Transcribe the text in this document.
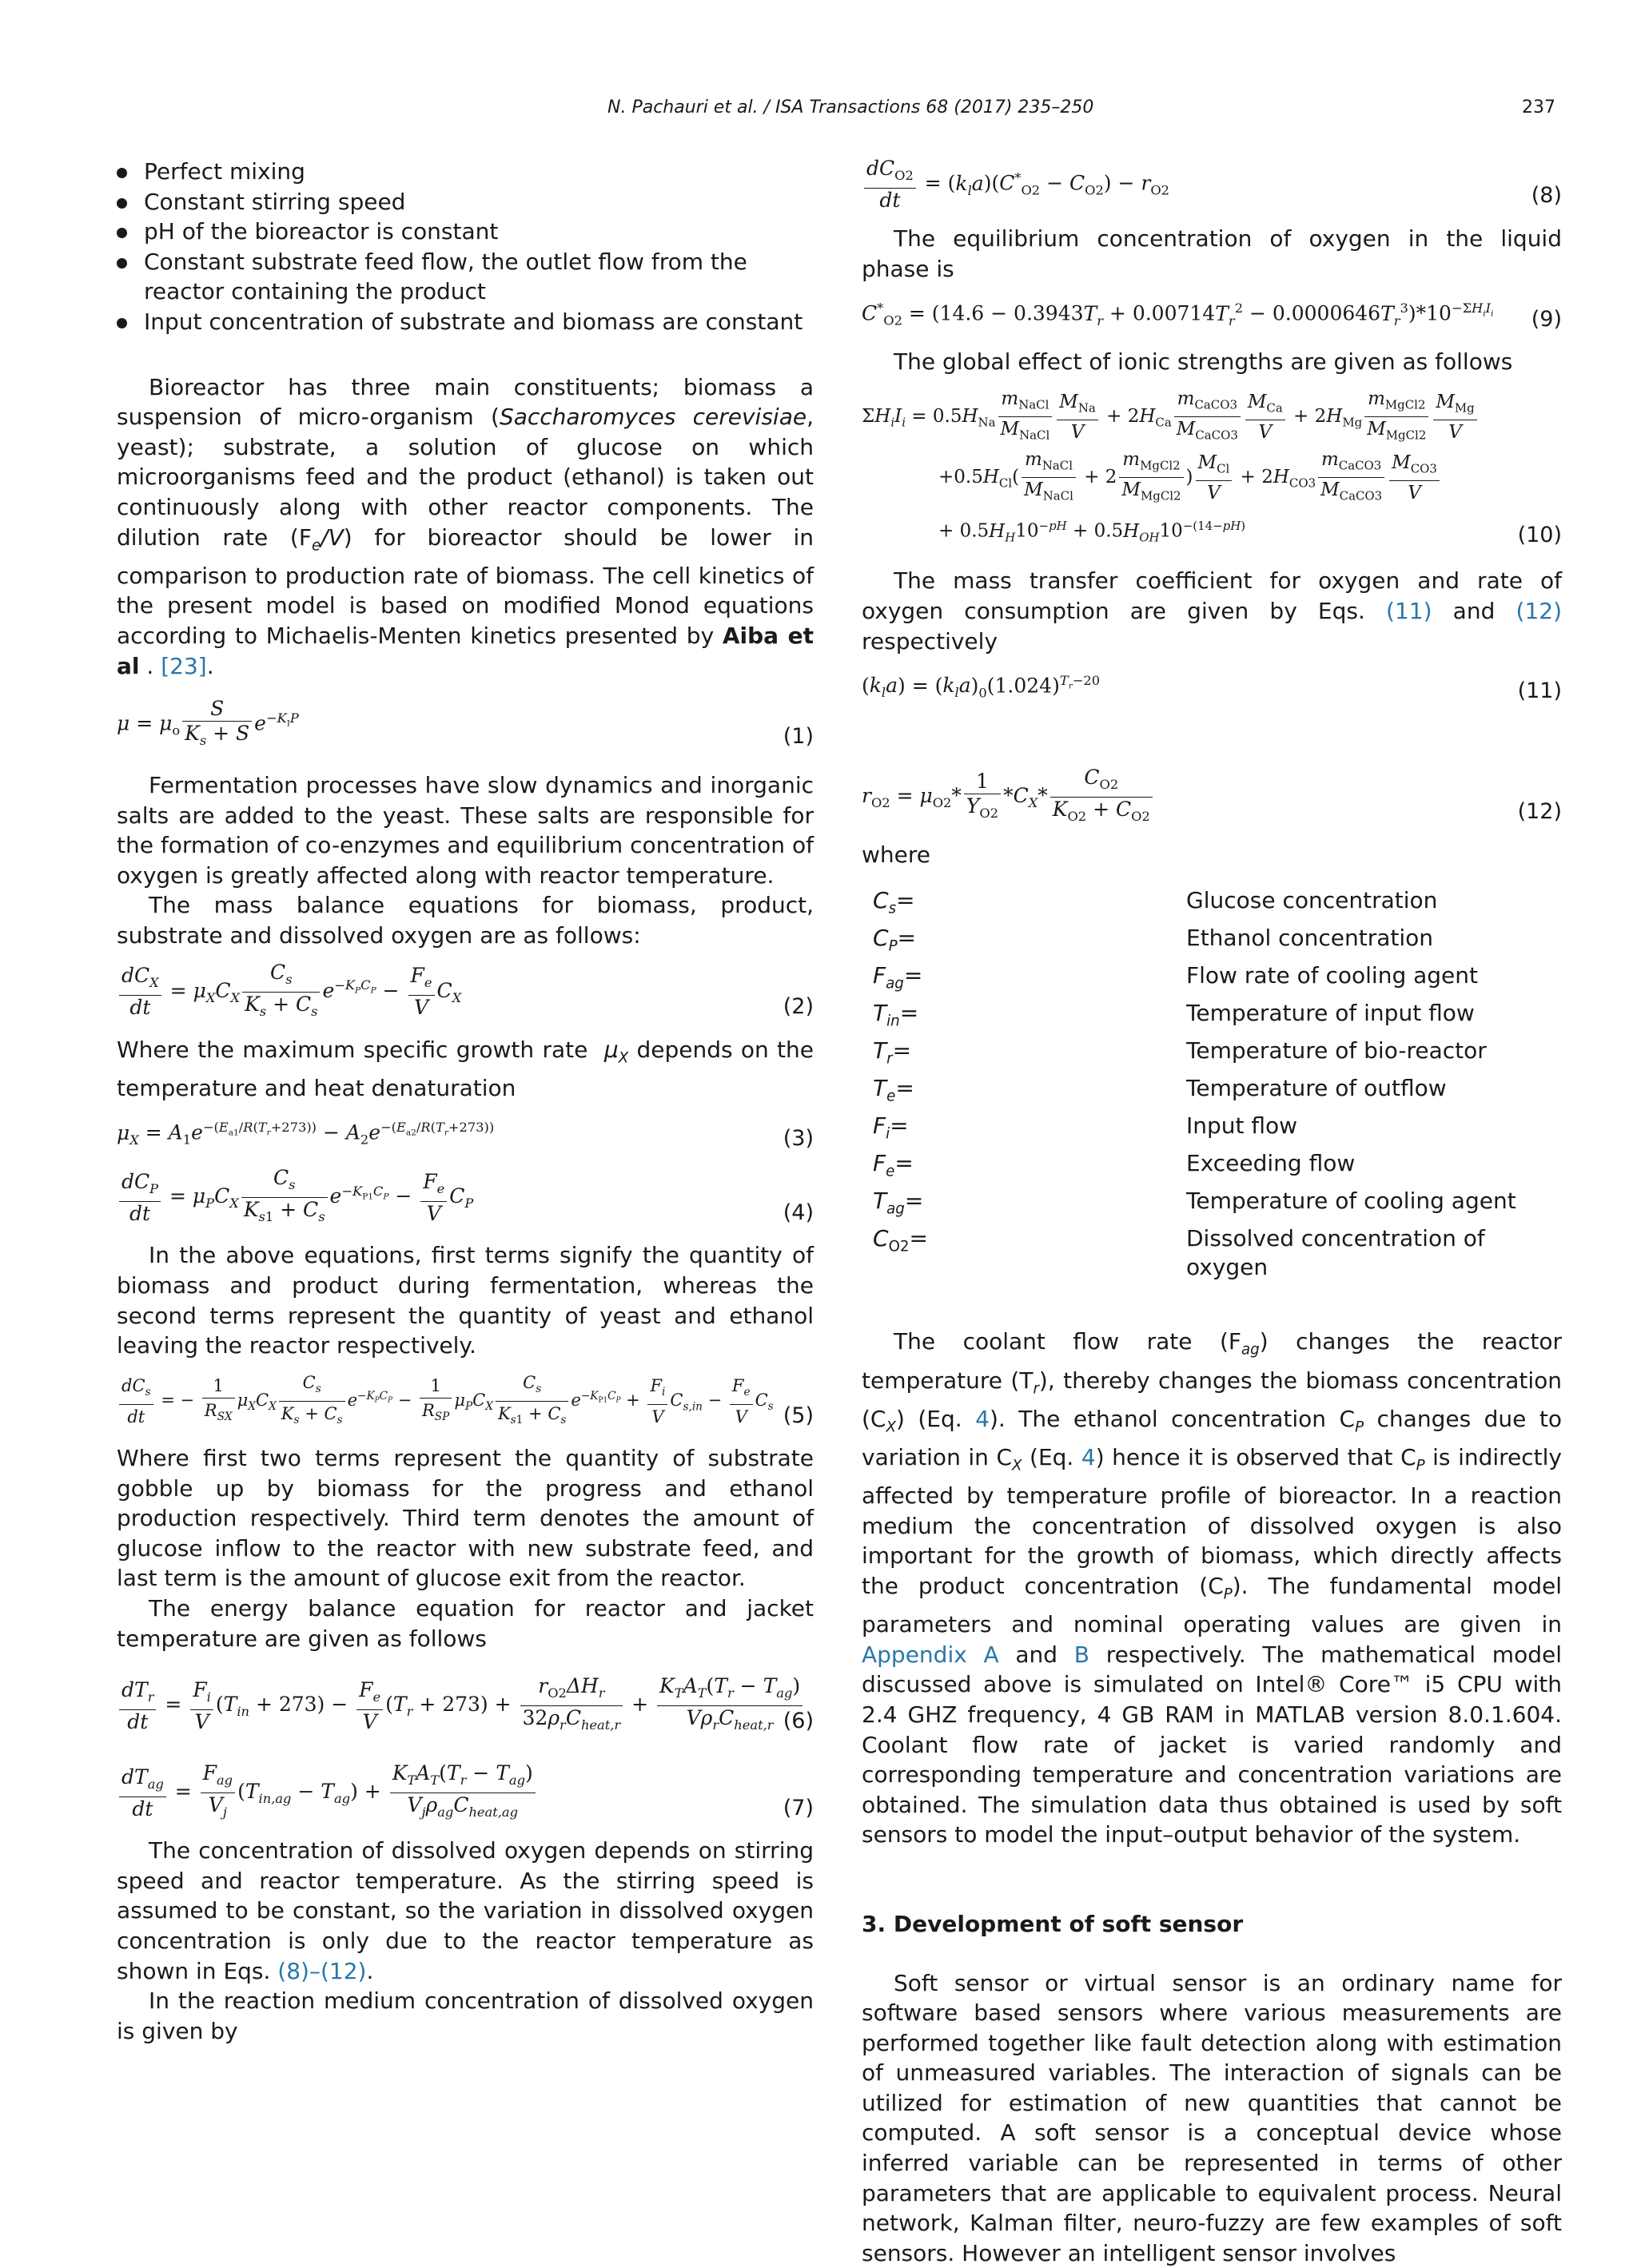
N. Pachauri et al. / ISA Transactions 68 (2017) 235–250	237
Perfect mixing
Constant stirring speed
pH of the bioreactor is constant
Constant substrate feed flow, the outlet flow from the reactor containing the product
Input concentration of substrate and biomass are constant

Bioreactor has three main constituents; biomass a suspension of micro-organism (Saccharomyces cerevisiae, yeast); substrate, a solution of glucose on which microorganisms feed and the product (ethanol) is taken out continuously along with other reactor components. The dilution rate $(F_e/V)$ for bioreactor should be lower in comparison to production rate of biomass. The cell kinetics of the present model is based on modified Monod equations according to Michaelis-Menten kinetics presented by Aiba et al . [23].

$\mu = \mu_o \frac{S}{K_s + S} e^{-K_IP}$
(1)

Fermentation processes have slow dynamics and inorganic salts are added to the yeast. These salts are responsible for the formation of co-enzymes and equilibrium concentration of oxygen is greatly affected along with reactor temperature.

The mass balance equations for biomass, product, substrate and dissolved oxygen are as follows:

$\frac{dC_X}{dt} = \mu_XC_X \frac{C_s}{K_s + C_s} e^{-K_PC_P} - \frac{F_e}{V} C_X$	(2)

Where the maximum specific growth rate $\mu_X$ depends on the temperature and heat denaturation

$\mu_X = A_1e^{-(E_{a1}/R(T_r+273))} - A_2e^{-(E_{a2}/R(T_r+273))}$	(3)
$\frac{dC_P}{dt} = \mu_PC_X \frac{C_s}{K_{s1} + C_s} e^{-K_{P1}C_P} - \frac{F_e}{V} C_P$	(4)

In the above equations, first terms signify the quantity of biomass and product during fermentation, whereas the second terms represent the quantity of yeast and ethanol leaving the reactor respectively.

$\frac{dC_s}{dt}$ = − $\frac{1}{R_{SX}} \mu_XC_X \frac{C_s}{K_s + C_s} e^{-K_PC_P} - \frac{1}{R_{SP}} \mu_PC_X \frac{C_s}{K_{s1} + C_s} e^{-K_{P1}C_P} + \frac{F_i}{V} C_{s,in} - \frac{F_e}{V} C_s$ (5)

Where first two terms represent the quantity of substrate gobble up by biomass for the progress and ethanol production respectively. Third term denotes the amount of glucose inflow to the reactor with new substrate feed, and last term is the amount of glucose exit from the reactor.

The energy balance equation for reactor and jacket temperature are given as follows

$\frac{dT_r}{dt} = \frac{F_i}{V} (T_{in} + 273) - \frac{F_e}{V} (T_r + 273) + \frac{r_{O2}\Delta H_r}{32\rho_rC_{heat,r}} + \frac{K_TA_T(T_r - T_{ag})}{V\rho_rC_{heat,r}}$
(6)
$\frac{dT_{ag}}{dt} = \frac{F_{ag}}{V_j} (T_{in,ag} - T_{ag}) + \frac{K_TA_T(T_r - T_{ag})}{V_j\rho_{ag}C_{heat,ag}}$	(7)

The concentration of dissolved oxygen depends on stirring speed and reactor temperature. As the stirring speed is assumed to be constant, so the variation in dissolved oxygen concentration is only due to the reactor temperature as shown in Eqs. (8)–(12).

In the reaction medium concentration of dissolved oxygen is given by

$\frac{dC_{O2}}{dt} = (k_la)(C^*_{O2} - C_{O2}) - r_{O2}$	(8)

The equilibrium concentration of oxygen in the liquid phase is

$C^*_{O2} = (14.6 - 0.3943T_r + 0.00714T_r^2 - 0.0000646T_r^3)*10^{-\Sigma H_iI_i}$ (9)

The global effect of ionic strengths are given as follows

$\Sigma H_iI_i = 0.5H_{Na} \frac{m_{NaCl}}{M_{NaCl}} \frac{M_{Na}}{V} + 2H_{Ca} \frac{m_{CaCO3}}{M_{CaCO3}} \frac{M_{Ca}}{V} + 2H_{Mg} \frac{m_{MgCl2}}{M_{MgCl2}} \frac{M_{Mg}}{V}$
$+0.5H_{Cl}( \frac{m_{NaCl}}{M_{NaCl}} + 2 \frac{m_{MgCl2}}{M_{MgCl2}}$ ) $\frac{M_{Cl}}{V} + 2H_{CO3} \frac{m_{CaCO3}}{M_{CaCO3}} \frac{M_{CO3}}{V}$
+ $0.5H_H10^{-pH} + 0.5H_{OH}10^{-(14-pH)}$	(10)

The mass transfer coefficient for oxygen and rate of oxygen consumption are given by Eqs. (11) and (12) respectively

$(k_la) = (k_la)_0(1.024)^{T_r-20}$	(11)
$r_{O2} = \mu_{O2}* \frac{1}{Y_{O2}} *C_X* \frac{C_{O2}}{K_{O2} + C_{O2}}$	(12)

where

$C_s=$	Glucose concentration
$C_P=$	Ethanol concentration
$F_{ag}=$	Flow rate of cooling agent
$T_{in}=$	Temperature of input flow
$T_r=$	Temperature of bio-reactor
$T_e=$	Temperature of outflow
$F_i=$	Input flow
$F_e=$	Exceeding flow
$T_{ag}=$	Temperature of cooling agent
$C_{O2}=$	Dissolved concentration of oxygen

The coolant flow rate $(F_{ag})$ changes the reactor temperature $(T_r)$, thereby changes the biomass concentration $(C_X)$ (Eq. 4). The ethanol concentration $C_P$ changes due to variation in $C_X$ (Eq. 4) hence it is observed that $C_P$ is indirectly affected by temperature profile of bioreactor. In a reaction medium the concentration of dissolved oxygen is also important for the growth of biomass, which directly affects the product concentration $(C_P)$. The fundamental model parameters and nominal operating values are given in Appendix A and B respectively. The mathematical model discussed above is simulated on Intel® Core™ i5 CPU with 2.4 GHZ frequency, 4 GB RAM in MATLAB version 8.0.1.604. Coolant flow rate of jacket is varied randomly and corresponding temperature and concentration variations are obtained. The simulation data thus obtained is used by soft sensors to model the input–output behavior of the system.

3. Development of soft sensor

Soft sensor or virtual sensor is an ordinary name for software based sensors where various measurements are performed together like fault detection along with estimation of unmeasured variables. The interaction of signals can be utilized for estimation of new quantities that cannot be computed. A soft sensor is a conceptual device whose inferred variable can be represented in terms of other parameters that are applicable to equivalent process. Neural network, Kalman filter, neuro-fuzzy are few examples of soft sensors. However an intelligent sensor involves
